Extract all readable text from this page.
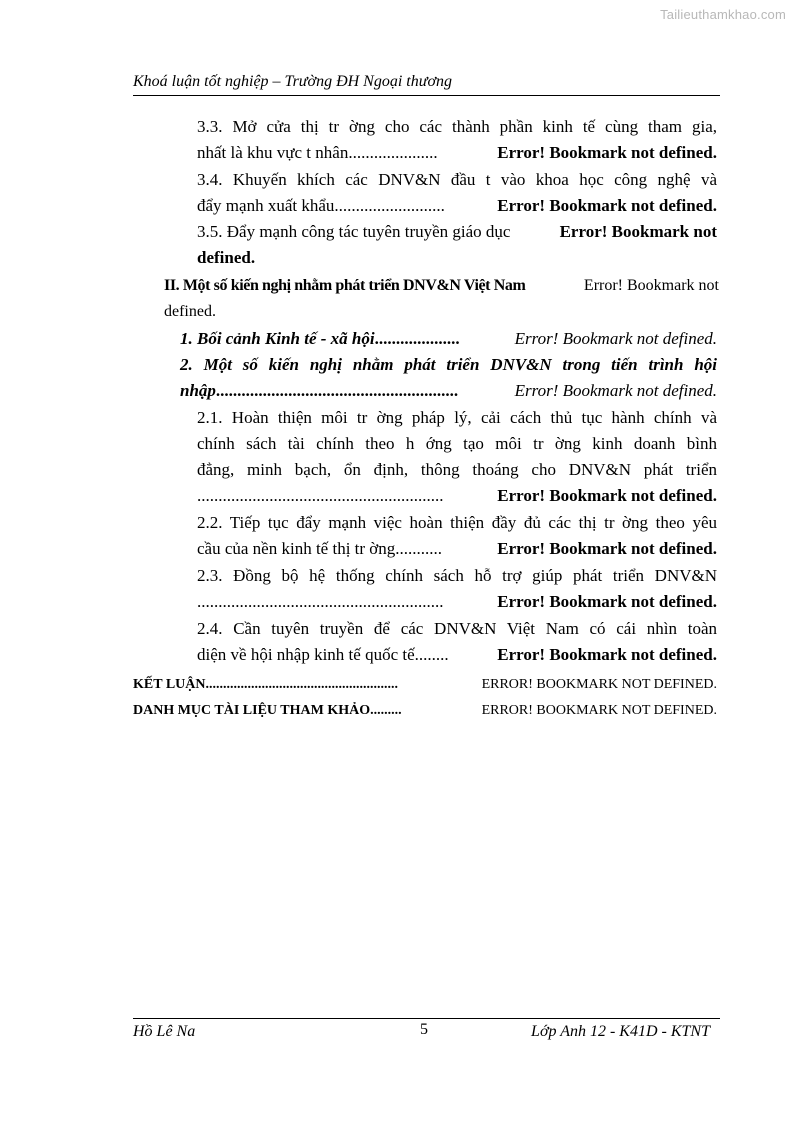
Tailieuthamkhao.com
Khoá luận tốt nghiệp – Trường ĐH Ngoại thương
3.3. Mở cửa thị tr ờng cho các thành phần kinh tế cùng tham gia,
nhất là khu vực t nhân .....................	Error! Bookmark not defined.
3.4. Khuyến khích các DNV&N đầu t vào khoa học công nghệ và
đẩy mạnh xuất khẩu ..........................	Error! Bookmark not defined.
3.5. Đẩy mạnh công tác tuyên truyền giáo dục	Error! Bookmark not
defined.
II. Một số kiến nghị nhằm phát triển DNV&N Việt Nam	Error! Bookmark not
defined.
1. Bối cảnh Kinh tế - xã hội ....................	Error! Bookmark not defined.
2. Một số kiến nghị nhằm phát triển DNV&N trong tiến trình hội
nhập .........................................................	Error! Bookmark not defined.
2.1. Hoàn thiện môi tr ờng pháp lý, cải cách thủ tục hành chính và
chính sách tài chính theo h ớng tạo môi tr ờng kinh doanh bình
đẳng, minh bạch, ổn định, thông thoáng cho DNV&N phát triển
..........................................................	Error! Bookmark not defined.
2.2. Tiếp tục đẩy mạnh việc hoàn thiện đầy đủ các thị tr ờng theo yêu
cầu của nền kinh tế thị tr ờng ...........	Error! Bookmark not defined.
2.3. Đồng bộ hệ thống chính sách hỗ trợ giúp phát triển DNV&N
..........................................................	Error! Bookmark not defined.
2.4. Cần tuyên truyền để các DNV&N Việt Nam có cái nhìn toàn
diện về hội nhập kinh tế quốc tế ........	Error! Bookmark not defined.
KẾT LUẬN .......................................................	ERROR! BOOKMARK NOT DEFINED.
DANH MỤC TÀI LIỆU THAM KHẢO .........	ERROR! BOOKMARK NOT DEFINED.
Hồ Lê Na	5	Lớp Anh 12 - K41D - KTNT
